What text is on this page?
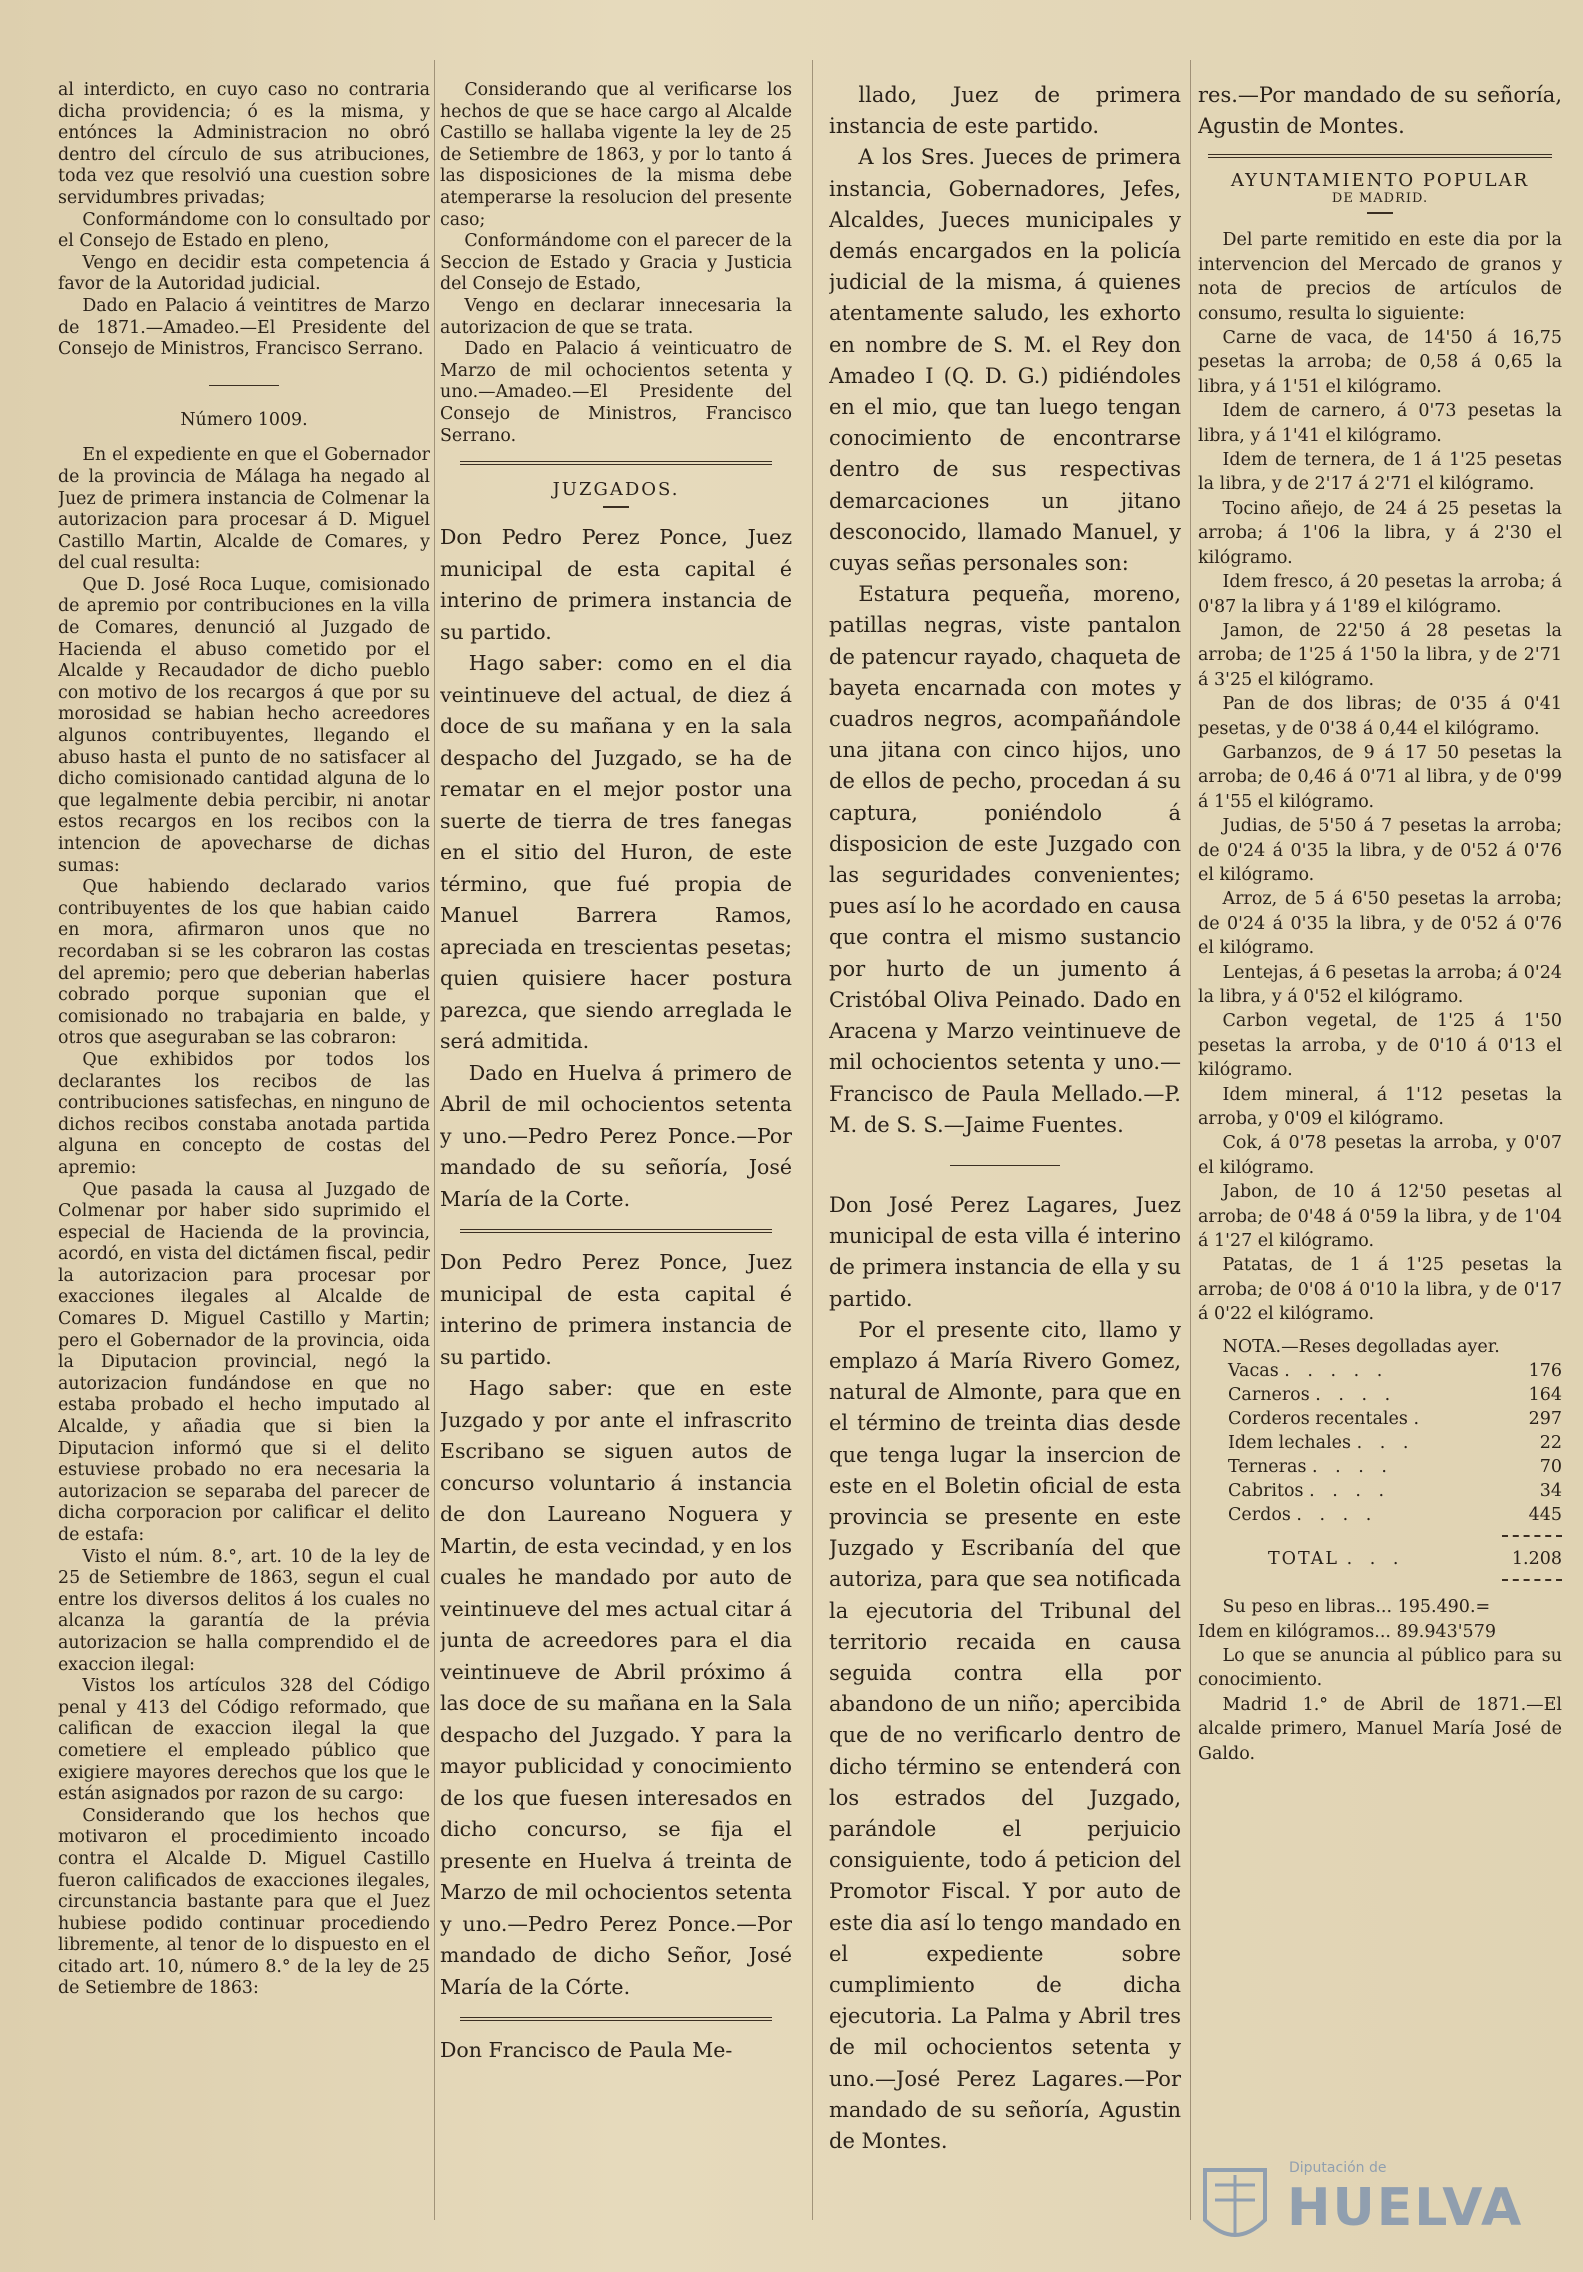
al interdicto, en cuyo caso no contraria dicha providencia; ó es la misma, y entónces la Administracion no obró dentro del círculo de sus atribuciones, toda vez que resolvió una cuestion sobre servidumbres privadas;

Conformándome con lo consultado por el Consejo de Estado en pleno,

Vengo en decidir esta competencia á favor de la Autoridad judicial.

Dado en Palacio á veintitres de Marzo de 1871.—Amadeo.—El Presidente del Consejo de Ministros, Francisco Serrano.

Número 1009.

En el expediente en que el Gobernador de la provincia de Málaga ha negado al Juez de primera instancia de Colmenar la autorizacion para procesar á D. Miguel Castillo Martin, Alcalde de Comares, y del cual resulta:

Que D. José Roca Luque, comisionado de apremio por contribuciones en la villa de Comares, denunció al Juzgado de Hacienda el abuso cometido por el Alcalde y Recaudador de dicho pueblo con motivo de los recargos á que por su morosidad se habian hecho acreedores algunos contribuyentes, llegando el abuso hasta el punto de no satisfacer al dicho comisionado cantidad alguna de lo que legalmente debia percibir, ni anotar estos recargos en los recibos con la intencion de apovecharse de dichas sumas:

Que habiendo declarado varios contribuyentes de los que habian caido en mora, afirmaron unos que no recordaban si se les cobraron las costas del apremio; pero que deberian haberlas cobrado porque suponian que el comisionado no trabajaria en balde, y otros que aseguraban se las cobraron:

Que exhibidos por todos los declarantes los recibos de las contribuciones satisfechas, en ninguno de dichos recibos constaba anotada partida alguna en concepto de costas del apremio:

Que pasada la causa al Juzgado de Colmenar por haber sido suprimido el especial de Hacienda de la provincia, acordó, en vista del dictámen fiscal, pedir la autorizacion para procesar por exacciones ilegales al Alcalde de Comares D. Miguel Castillo y Martin; pero el Gobernador de la provincia, oida la Diputacion provincial, negó la autorizacion fundándose en que no estaba probado el hecho imputado al Alcalde, y añadia que si bien la Diputacion informó que si el delito estuviese probado no era necesaria la autorizacion se separaba del parecer de dicha corporacion por calificar el delito de estafa:

Visto el núm. 8.°, art. 10 de la ley de 25 de Setiembre de 1863, segun el cual entre los diversos delitos á los cuales no alcanza la garantía de la prévia autorizacion se halla comprendido el de exaccion ilegal:

Vistos los artículos 328 del Código penal y 413 del Código reformado, que califican de exaccion ilegal la que cometiere el empleado público que exigiere mayores derechos que los que le están asignados por razon de su cargo:

Considerando que los hechos que motivaron el procedimiento incoado contra el Alcalde D. Miguel Castillo fueron calificados de exacciones ilegales, circunstancia bastante para que el Juez hubiese podido continuar procediendo libremente, al tenor de lo dispuesto en el citado art. 10, número 8.° de la ley de 25 de Setiembre de 1863:

Considerando que al verificarse los hechos de que se hace cargo al Alcalde Castillo se hallaba vigente la ley de 25 de Setiembre de 1863, y por lo tanto á las disposiciones de la misma debe atemperarse la resolucion del presente caso;

Conformándome con el parecer de la Seccion de Estado y Gracia y Justicia del Consejo de Estado,

Vengo en declarar innecesaria la autorizacion de que se trata.

Dado en Palacio á veinticuatro de Marzo de mil ochocientos setenta y uno.—Amadeo.—El Presidente del Consejo de Ministros, Francisco Serrano.

JUZGADOS.

Don Pedro Perez Ponce, Juez municipal de esta capital é interino de primera instancia de su partido.

Hago saber: como en el dia veintinueve del actual, de diez á doce de su mañana y en la sala despacho del Juzgado, se ha de rematar en el mejor postor una suerte de tierra de tres fanegas en el sitio del Huron, de este término, que fué propia de Manuel Barrera Ramos, apreciada en trescientas pesetas; quien quisiere hacer postura parezca, que siendo arreglada le será admitida.

Dado en Huelva á primero de Abril de mil ochocientos setenta y uno.—Pedro Perez Ponce.—Por mandado de su señoría, José María de la Corte.

Don Pedro Perez Ponce, Juez municipal de esta capital é interino de primera instancia de su partido.

Hago saber: que en este Juzgado y por ante el infrascrito Escribano se siguen autos de concurso voluntario á instancia de don Laureano Noguera y Martin, de esta vecindad, y en los cuales he mandado por auto de veintinueve del mes actual citar á junta de acreedores para el dia veintinueve de Abril próximo á las doce de su mañana en la Sala despacho del Juzgado. Y para la mayor publicidad y conocimiento de los que fuesen interesados en dicho concurso, se fija el presente en Huelva á treinta de Marzo de mil ochocientos setenta y uno.—Pedro Perez Ponce.—Por mandado de dicho Señor, José María de la Córte.

Don Francisco de Paula Me-

llado, Juez de primera instancia de este partido.

A los Sres. Jueces de primera instancia, Gobernadores, Jefes, Alcaldes, Jueces municipales y demás encargados en la policía judicial de la misma, á quienes atentamente saludo, les exhorto en nombre de S. M. el Rey don Amadeo I (Q. D. G.) pidiéndoles en el mio, que tan luego tengan conocimiento de encontrarse dentro de sus respectivas demarcaciones un jitano desconocido, llamado Manuel, y cuyas señas personales son:

Estatura pequeña, moreno, patillas negras, viste pantalon de patencur rayado, chaqueta de bayeta encarnada con motes y cuadros negros, acompañándole una jitana con cinco hijos, uno de ellos de pecho, procedan á su captura, poniéndolo á disposicion de este Juzgado con las seguridades convenientes; pues así lo he acordado en causa que contra el mismo sustancio por hurto de un jumento á Cristóbal Oliva Peinado. Dado en Aracena y Marzo veintinueve de mil ochocientos setenta y uno.—Francisco de Paula Mellado.—P. M. de S. S.—Jaime Fuentes.

Don José Perez Lagares, Juez municipal de esta villa é interino de primera instancia de ella y su partido.

Por el presente cito, llamo y emplazo á María Rivero Gomez, natural de Almonte, para que en el término de treinta dias desde que tenga lugar la insercion de este en el Boletin oficial de esta provincia se presente en este Juzgado y Escribanía del que autoriza, para que sea notificada la ejecutoria del Tribunal del territorio recaida en causa seguida contra ella por abandono de un niño; apercibida que de no verificarlo dentro de dicho término se entenderá con los estrados del Juzgado, parándole el perjuicio consiguiente, todo á peticion del Promotor Fiscal. Y por auto de este dia así lo tengo mandado en el expediente sobre cumplimiento de dicha ejecutoria. La Palma y Abril tres de mil ochocientos setenta y uno.—José Perez Lagares.—Por mandado de su señoría, Agustin de Montes.

res.—Por mandado de su señoría, Agustin de Montes.

AYUNTAMIENTO POPULAR

DE MADRID.

Del parte remitido en este dia por la intervencion del Mercado de granos y nota de precios de artículos de consumo, resulta lo siguiente:

Carne de vaca, de 14'50 á 16,75 pesetas la arroba; de 0,58 á 0,65 la libra, y á 1'51 el kilógramo.

Idem de carnero, á 0'73 pesetas la libra, y á 1'41 el kilógramo.

Idem de ternera, de 1 á 1'25 pesetas la libra, y de 2'17 á 2'71 el kilógramo.

Tocino añejo, de 24 á 25 pesetas la arroba; á 1'06 la libra, y á 2'30 el kilógramo.

Idem fresco, á 20 pesetas la arroba; á 0'87 la libra y á 1'89 el kilógramo.

Jamon, de 22'50 á 28 pesetas la arroba; de 1'25 á 1'50 la libra, y de 2'71 á 3'25 el kilógramo.

Pan de dos libras; de 0'35 á 0'41 pesetas, y de 0'38 á 0,44 el kilógramo.

Garbanzos, de 9 á 17 50 pesetas la arroba; de 0,46 á 0'71 al libra, y de 0'99 á 1'55 el kilógramo.

Judias, de 5'50 á 7 pesetas la arroba; de 0'24 á 0'35 la libra, y de 0'52 á 0'76 el kilógramo.

Arroz, de 5 á 6'50 pesetas la arroba; de 0'24 á 0'35 la libra, y de 0'52 á 0'76 el kilógramo.

Lentejas, á 6 pesetas la arroba; á 0'24 la libra, y á 0'52 el kilógramo.

Carbon vegetal, de 1'25 á 1'50 pesetas la arroba, y de 0'10 á 0'13 el kilógramo.

Idem mineral, á 1'12 pesetas la arroba, y 0'09 el kilógramo.

Cok, á 0'78 pesetas la arroba, y 0'07 el kilógramo.

Jabon, de 10 á 12'50 pesetas al arroba; de 0'48 á 0'59 la libra, y de 1'04 á 1'27 el kilógramo.

Patatas, de 1 á 1'25 pesetas la arroba; de 0'08 á 0'10 la libra, y de 0'17 á 0'22 el kilógramo.

NOTA.—Reses degolladas ayer.

Vacas . . . . .	176
Carneros . . . .	164
Corderos recentales .	297
Idem lechales . . .	22
Terneras . . . .	70
Cabritos . . . .	34
Cerdos . . . .	445
TOTAL . . .	1.208

Su peso en libras... 195.490.=

Idem en kilógramos... 89.943'579

Lo que se anuncia al público para su conocimiento.

Madrid 1.° de Abril de 1871.—El alcalde primero, Manuel María José de Galdo.

Diputación de
HUELVA
